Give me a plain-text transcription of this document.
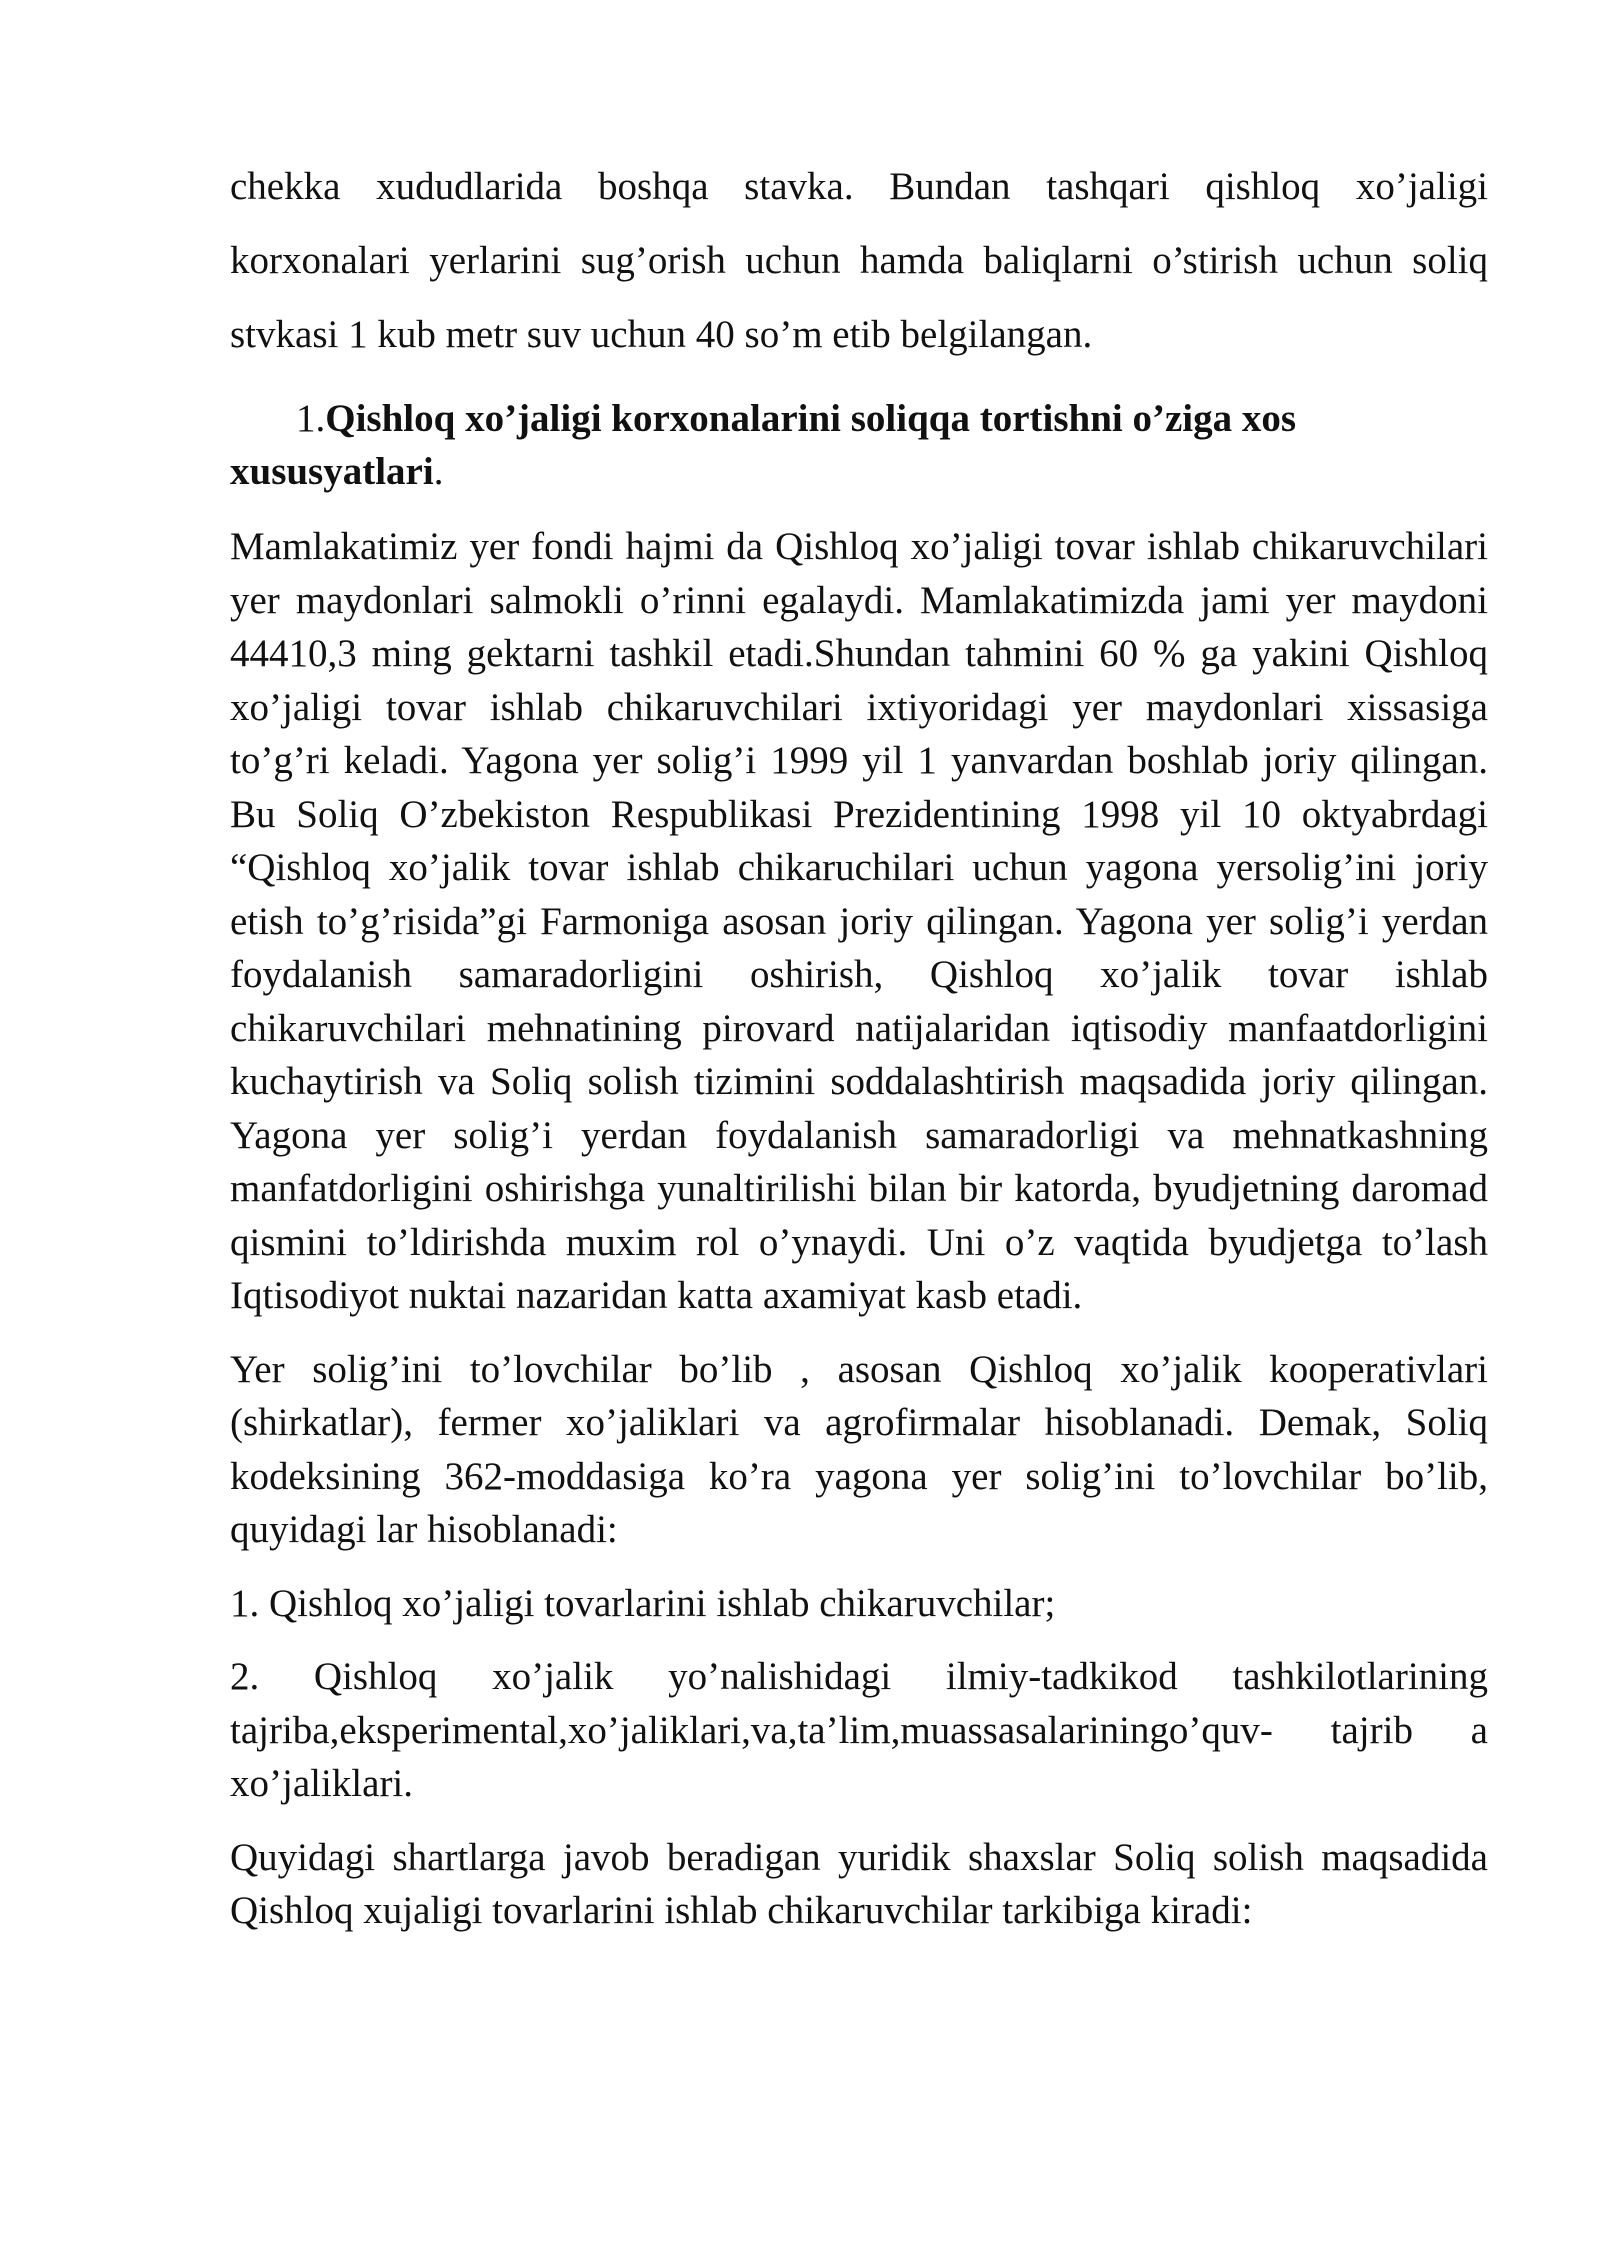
chekka xududlarida boshqa stavka. Bundan tashqari qishloq xo’jaligi korxonalari yerlarini sug’orish uchun hamda baliqlarni o’stirish uchun soliq stvkasi 1 kub metr suv uchun 40 so’m etib belgilangan.

1.Qishloq xo’jaligi korxonalarini soliqqa tortishni o’ziga xos xususyatlari.

Mamlakatimiz yer fondi hajmi da Qishloq xo’jaligi tovar ishlab chikaruvchilari yer maydonlari salmokli o’rinni egalaydi. Mamlakatimizda jami yer maydoni 44410,3 ming gektarni tashkil etadi.Shundan tahmini 60 % ga yakini Qishloq xo’jaligi tovar ishlab chikaruvchilari ixtiyoridagi yer maydonlari xissasiga to’g’ri keladi. Yagona yer solig’i 1999 yil 1 yanvardan boshlab joriy qilingan. Bu Soliq O’zbekiston Respublikasi Prezidentining 1998 yil 10 oktyabrdagi “Qishloq xo’jalik tovar ishlab chikaruchilari uchun yagona yersolig’ini joriy etish to’g’risida”gi Farmoniga asosan joriy qilingan. Yagona yer solig’i yerdan foydalanish samaradorligini oshirish, Qishloq xo’jalik tovar ishlab chikaruvchilari mehnatining pirovard natijalaridan iqtisodiy manfaatdorligini kuchaytirish va Soliq solish tizimini soddalashtirish maqsadida joriy qilingan. Yagona yer solig’i yerdan foydalanish samaradorligi va mehnatkashning manfatdorligini oshirishga yunaltirilishi bilan bir katorda, byudjetning daromad qismini to’ldirishda muxim rol o’ynaydi. Uni o’z vaqtida byudjetga to’lash Iqtisodiyot nuktai nazaridan katta axamiyat kasb etadi.

Yer solig’ini to’lovchilar bo’lib , asosan Qishloq xo’jalik kooperativlari (shirkatlar), fermer xo’jaliklari va agrofirmalar hisoblanadi. Demak, Soliq kodeksining 362-moddasiga ko’ra yagona yer solig’ini to’lovchilar bo’lib, quyidagi lar hisoblanadi:

1. Qishloq xo’jaligi tovarlarini ishlab chikaruvchilar;

2. Qishloq xo’jalik yo’nalishidagi ilmiy-tadkikod tashkilotlarining tajriba,eksperimental,xo’jaliklari,va,ta’lim,muassasalariningo’quv- tajrib a xo’jaliklari.

Quyidagi shartlarga javob beradigan yuridik shaxslar Soliq solish maqsadida Qishloq xujaligi tovarlarini ishlab chikaruvchilar tarkibiga kiradi:
